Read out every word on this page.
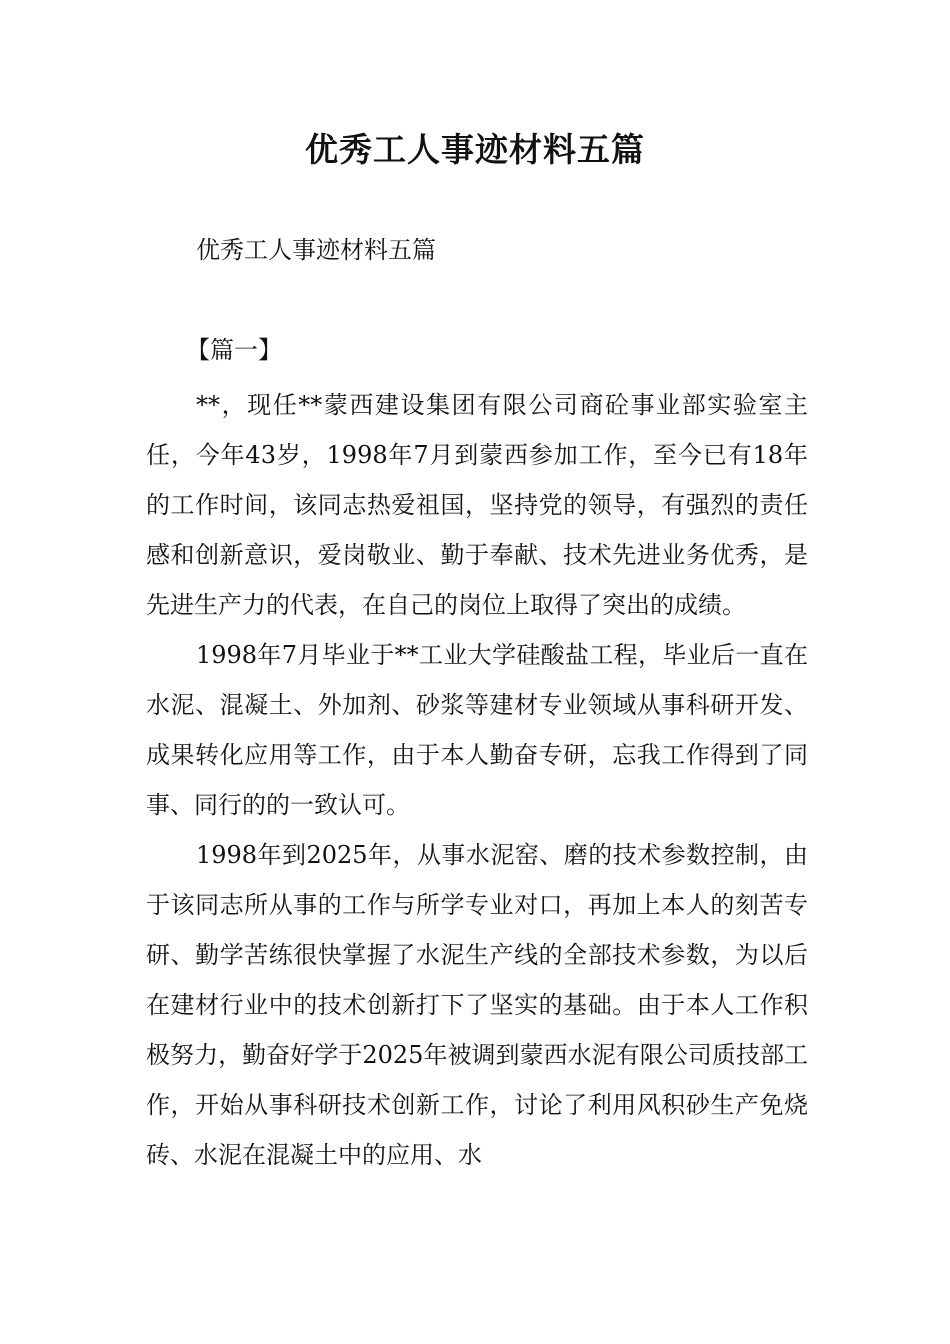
优秀工人事迹材料五篇

优秀工人事迹材料五篇

【篇一】

**，现任**蒙西建设集团有限公司商砼事业部实验室主任，今年43岁，1998年7月到蒙西参加工作，至今已有18年的工作时间，该同志热爱祖国，坚持党的领导，有强烈的责任感和创新意识，爱岗敬业、勤于奉献、技术先进业务优秀，是先进生产力的代表，在自己的岗位上取得了突出的成绩。

1998年7月毕业于**工业大学硅酸盐工程，毕业后一直在水泥、混凝土、外加剂、砂浆等建材专业领域从事科研开发、成果转化应用等工作，由于本人勤奋专研，忘我工作得到了同事、同行的的一致认可。

1998年到2025年，从事水泥窑、磨的技术参数控制，由于该同志所从事的工作与所学专业对口，再加上本人的刻苦专研、勤学苦练很快掌握了水泥生产线的全部技术参数，为以后在建材行业中的技术创新打下了坚实的基础。由于本人工作积极努力，勤奋好学于2025年被调到蒙西水泥有限公司质技部工作，开始从事科研技术创新工作，讨论了利用风积砂生产免烧砖、水泥在混凝土中的应用、水
